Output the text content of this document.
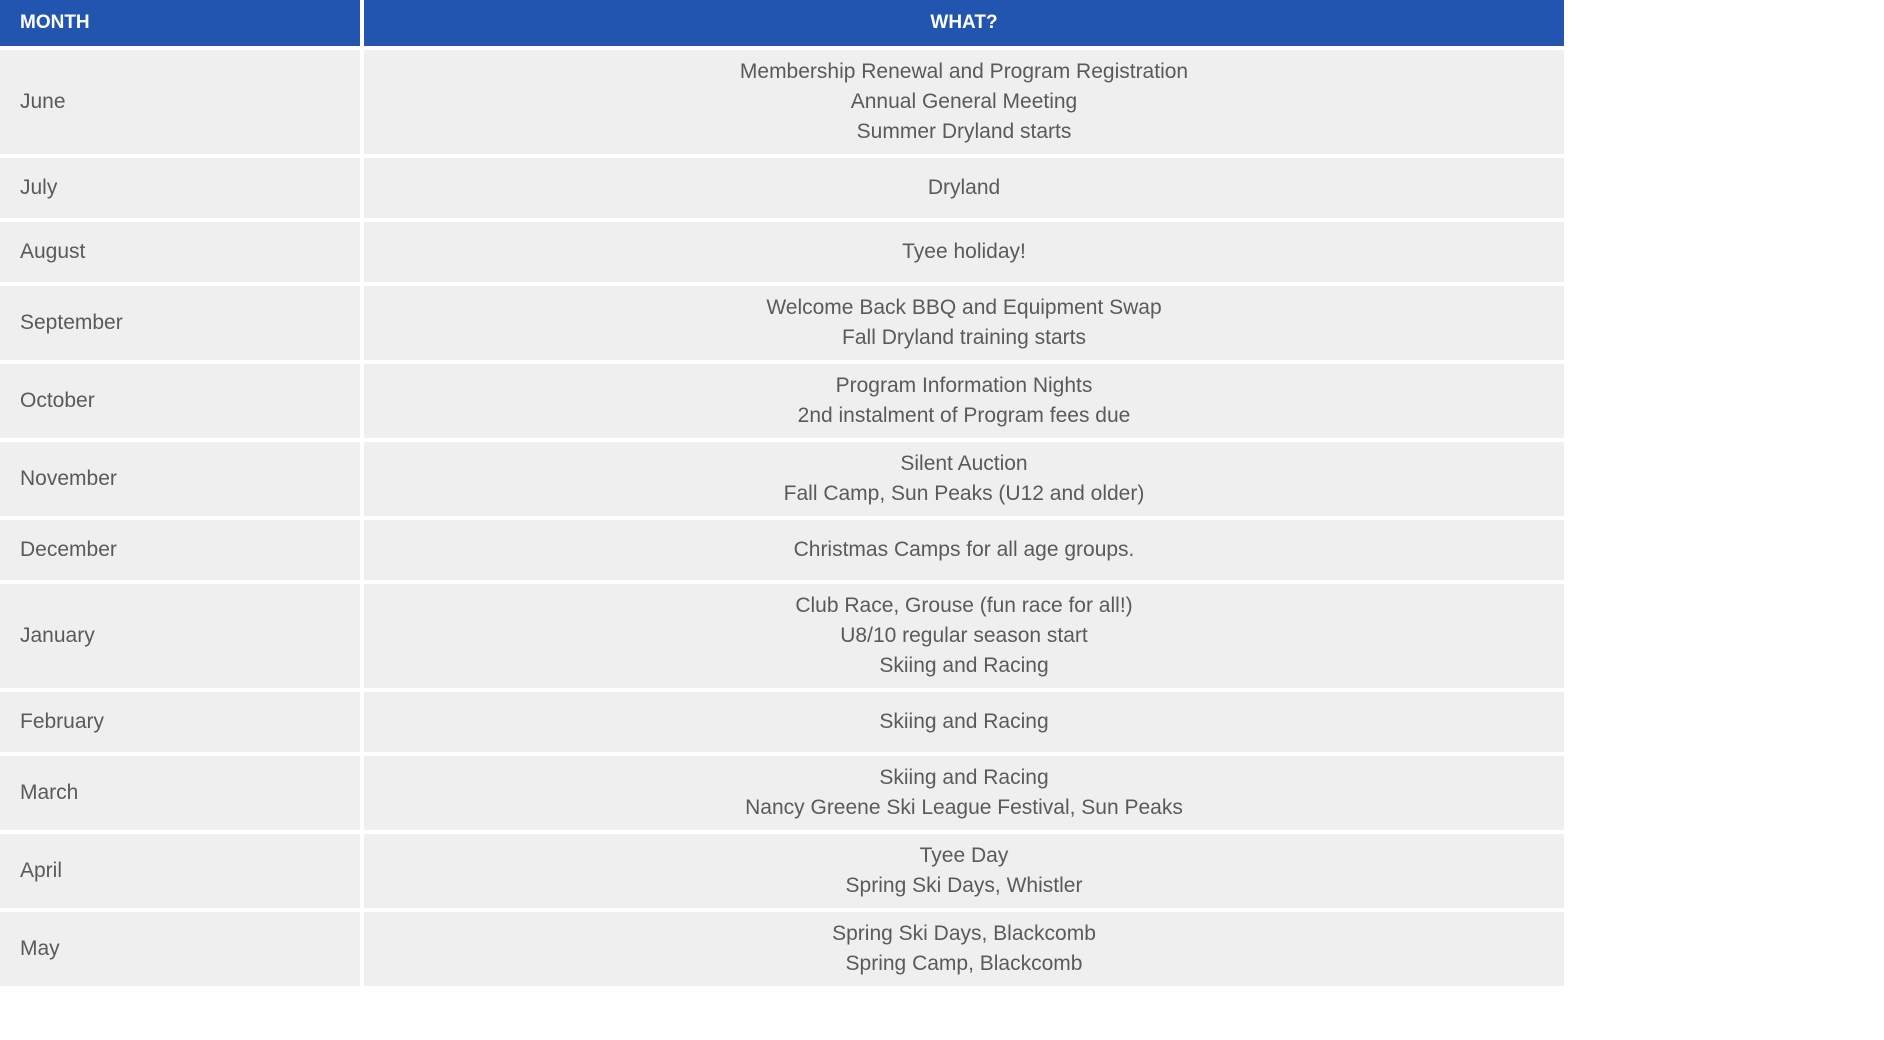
MONTH	WHAT?
June	Membership Renewal and Program Registration
Annual General Meeting
Summer Dryland starts

July	Dryland

August	Tyee holiday!

September	Welcome Back BBQ and Equipment Swap
Fall Dryland training starts

October	Program Information Nights
2nd instalment of Program fees due

November	Silent Auction
Fall Camp, Sun Peaks (U12 and older)

December	Christmas Camps for all age groups.

January	Club Race, Grouse (fun race for all!)
U8/10 regular season start
Skiing and Racing

February	Skiing and Racing

March	Skiing and Racing
Nancy Greene Ski League Festival, Sun Peaks

April	Tyee Day
Spring Ski Days, Whistler

May	Spring Ski Days, Blackcomb
Spring Camp, Blackcomb
